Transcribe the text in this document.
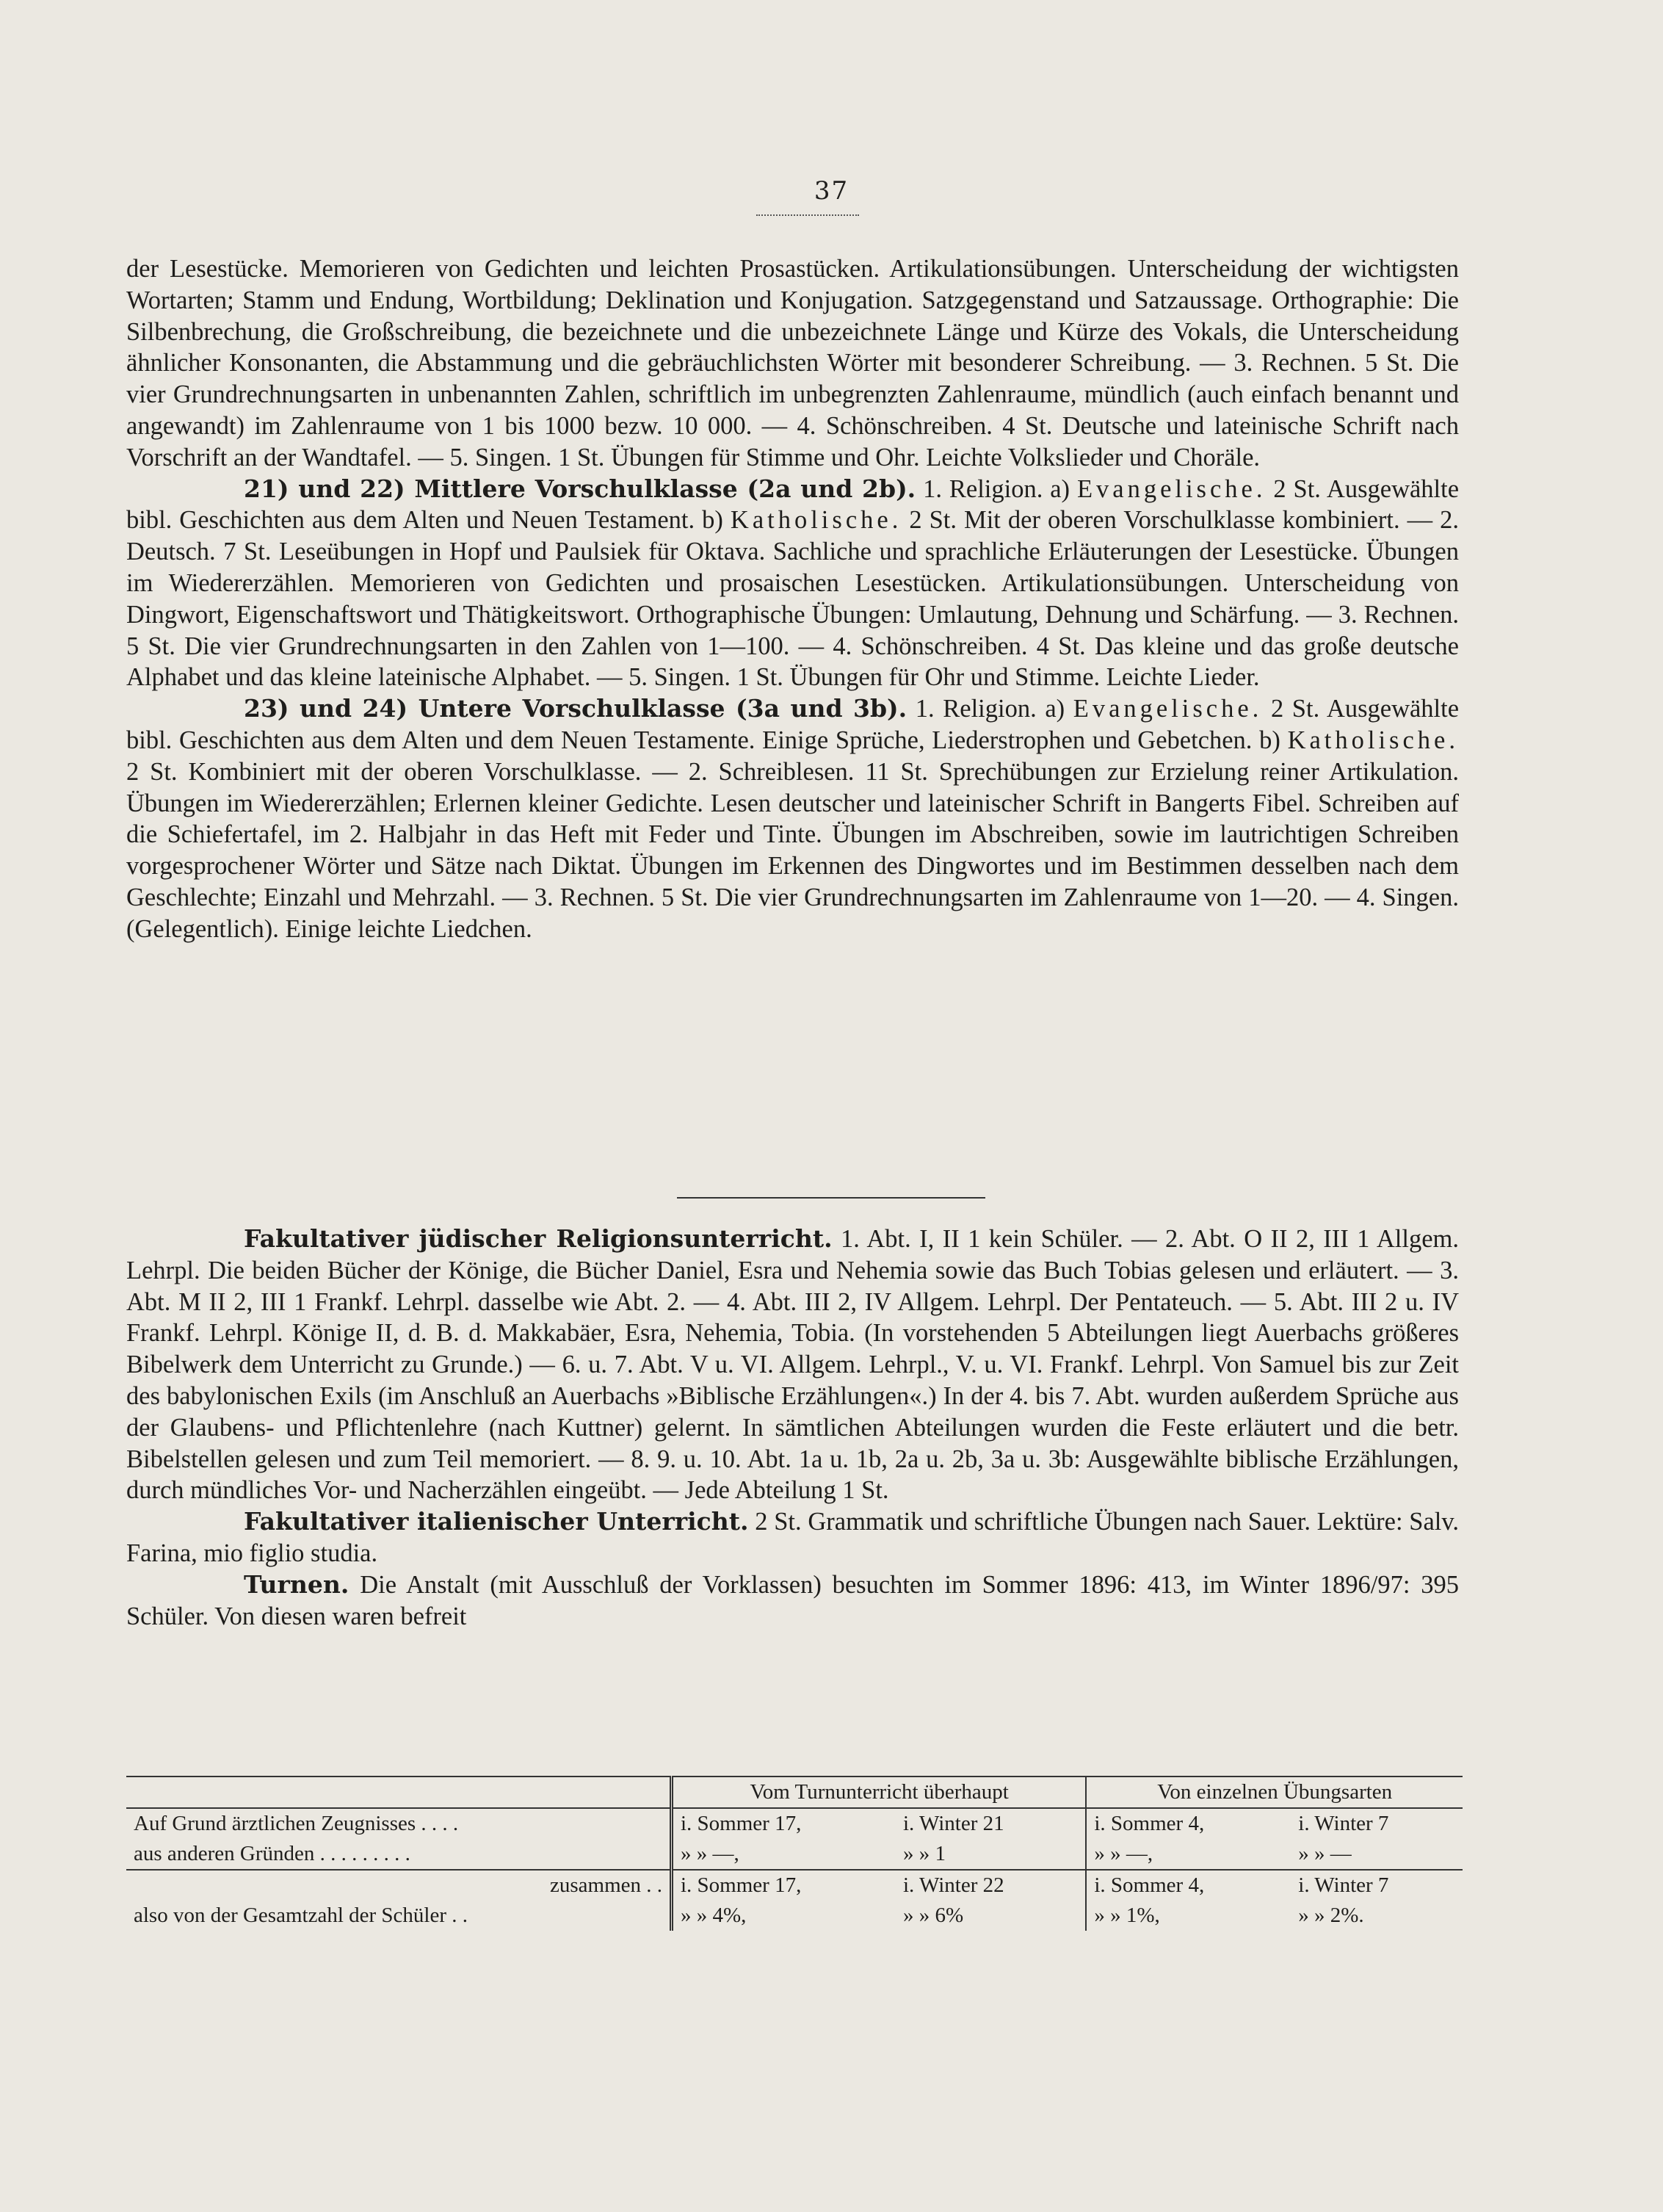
37

der Lesestücke. Memorieren von Gedichten und leichten Prosastücken. Artikulationsübungen. Unterscheidung der wichtigsten Wortarten; Stamm und Endung, Wortbildung; Deklination und Konjugation. Satzgegenstand und Satzaussage. Orthographie: Die Silbenbrechung, die Großschreibung, die bezeichnete und die unbezeichnete Länge und Kürze des Vokals, die Unterscheidung ähnlicher Konsonanten, die Abstammung und die gebräuchlichsten Wörter mit besonderer Schreibung. — 3. Rechnen. 5 St. Die vier Grundrechnungsarten in unbenannten Zahlen, schriftlich im unbegrenzten Zahlenraume, mündlich (auch einfach benannt und angewandt) im Zahlenraume von 1 bis 1000 bezw. 10 000. — 4. Schönschreiben. 4 St. Deutsche und lateinische Schrift nach Vorschrift an der Wandtafel. — 5. Singen. 1 St. Übungen für Stimme und Ohr. Leichte Volkslieder und Choräle.

21) und 22) Mittlere Vorschulklasse (2a und 2b). 1. Religion. a) Evangelische. 2 St. Ausgewählte bibl. Geschichten aus dem Alten und Neuen Testament. b) Katholische. 2 St. Mit der oberen Vorschulklasse kombiniert. — 2. Deutsch. 7 St. Leseübungen in Hopf und Paulsiek für Oktava. Sachliche und sprachliche Erläuterungen der Lesestücke. Übungen im Wiedererzählen. Memorieren von Gedichten und prosaischen Lesestücken. Artikulationsübungen. Unterscheidung von Dingwort, Eigenschaftswort und Thätigkeitswort. Orthographische Übungen: Umlautung, Dehnung und Schärfung. — 3. Rechnen. 5 St. Die vier Grundrechnungsarten in den Zahlen von 1—100. — 4. Schönschreiben. 4 St. Das kleine und das große deutsche Alphabet und das kleine lateinische Alphabet. — 5. Singen. 1 St. Übungen für Ohr und Stimme. Leichte Lieder.

23) und 24) Untere Vorschulklasse (3a und 3b). 1. Religion. a) Evangelische. 2 St. Ausgewählte bibl. Geschichten aus dem Alten und dem Neuen Testamente. Einige Sprüche, Liederstrophen und Gebetchen. b) Katholische. 2 St. Kombiniert mit der oberen Vorschulklasse. — 2. Schreiblesen. 11 St. Sprechübungen zur Erzielung reiner Artikulation. Übungen im Wiedererzählen; Erlernen kleiner Gedichte. Lesen deutscher und lateinischer Schrift in Bangerts Fibel. Schreiben auf die Schiefertafel, im 2. Halbjahr in das Heft mit Feder und Tinte. Übungen im Abschreiben, sowie im lautrichtigen Schreiben vorgesprochener Wörter und Sätze nach Diktat. Übungen im Erkennen des Dingwortes und im Bestimmen desselben nach dem Geschlechte; Einzahl und Mehrzahl. — 3. Rechnen. 5 St. Die vier Grundrechnungsarten im Zahlenraume von 1—20. — 4. Singen. (Gelegentlich). Einige leichte Liedchen.

Fakultativer jüdischer Religionsunterricht. 1. Abt. I, II 1 kein Schüler. — 2. Abt. O II 2, III 1 Allgem. Lehrpl. Die beiden Bücher der Könige, die Bücher Daniel, Esra und Nehemia sowie das Buch Tobias gelesen und erläutert. — 3. Abt. M II 2, III 1 Frankf. Lehrpl. dasselbe wie Abt. 2. — 4. Abt. III 2, IV Allgem. Lehrpl. Der Pentateuch. — 5. Abt. III 2 u. IV Frankf. Lehrpl. Könige II, d. B. d. Makkabäer, Esra, Nehemia, Tobia. (In vorstehenden 5 Abteilungen liegt Auerbachs größeres Bibelwerk dem Unterricht zu Grunde.) — 6. u. 7. Abt. V u. VI. Allgem. Lehrpl., V. u. VI. Frankf. Lehrpl. Von Samuel bis zur Zeit des babylonischen Exils (im Anschluß an Auerbachs »Biblische Erzählungen«.) In der 4. bis 7. Abt. wurden außerdem Sprüche aus der Glaubens- und Pflichtenlehre (nach Kuttner) gelernt. In sämtlichen Abteilungen wurden die Feste erläutert und die betr. Bibelstellen gelesen und zum Teil memoriert. — 8. 9. u. 10. Abt. 1a u. 1b, 2a u. 2b, 3a u. 3b: Ausgewählte biblische Erzählungen, durch mündliches Vor- und Nacherzählen eingeübt. — Jede Abteilung 1 St.

Fakultativer italienischer Unterricht. 2 St. Grammatik und schriftliche Übungen nach Sauer. Lektüre: Salv. Farina, mio figlio studia.

Turnen. Die Anstalt (mit Ausschluß der Vorklassen) besuchten im Sommer 1896: 413, im Winter 1896/97: 395 Schüler. Von diesen waren befreit

	Vom Turnunterricht überhaupt		Von einzelnen Übungsarten	
Auf Grund ärztlichen Zeugnisses . . . .	i. Sommer 17,	i. Winter 21	i. Sommer 4,	i. Winter 7
aus anderen Gründen . . . . . . . . .	» » —,	» » 1	» » —,	» » —
zusammen . .	i. Sommer 17,	i. Winter 22	i. Sommer 4,	i. Winter 7
also von der Gesamtzahl der Schüler . .	» » 4%,	» » 6%	» » 1%,	» » 2%.
